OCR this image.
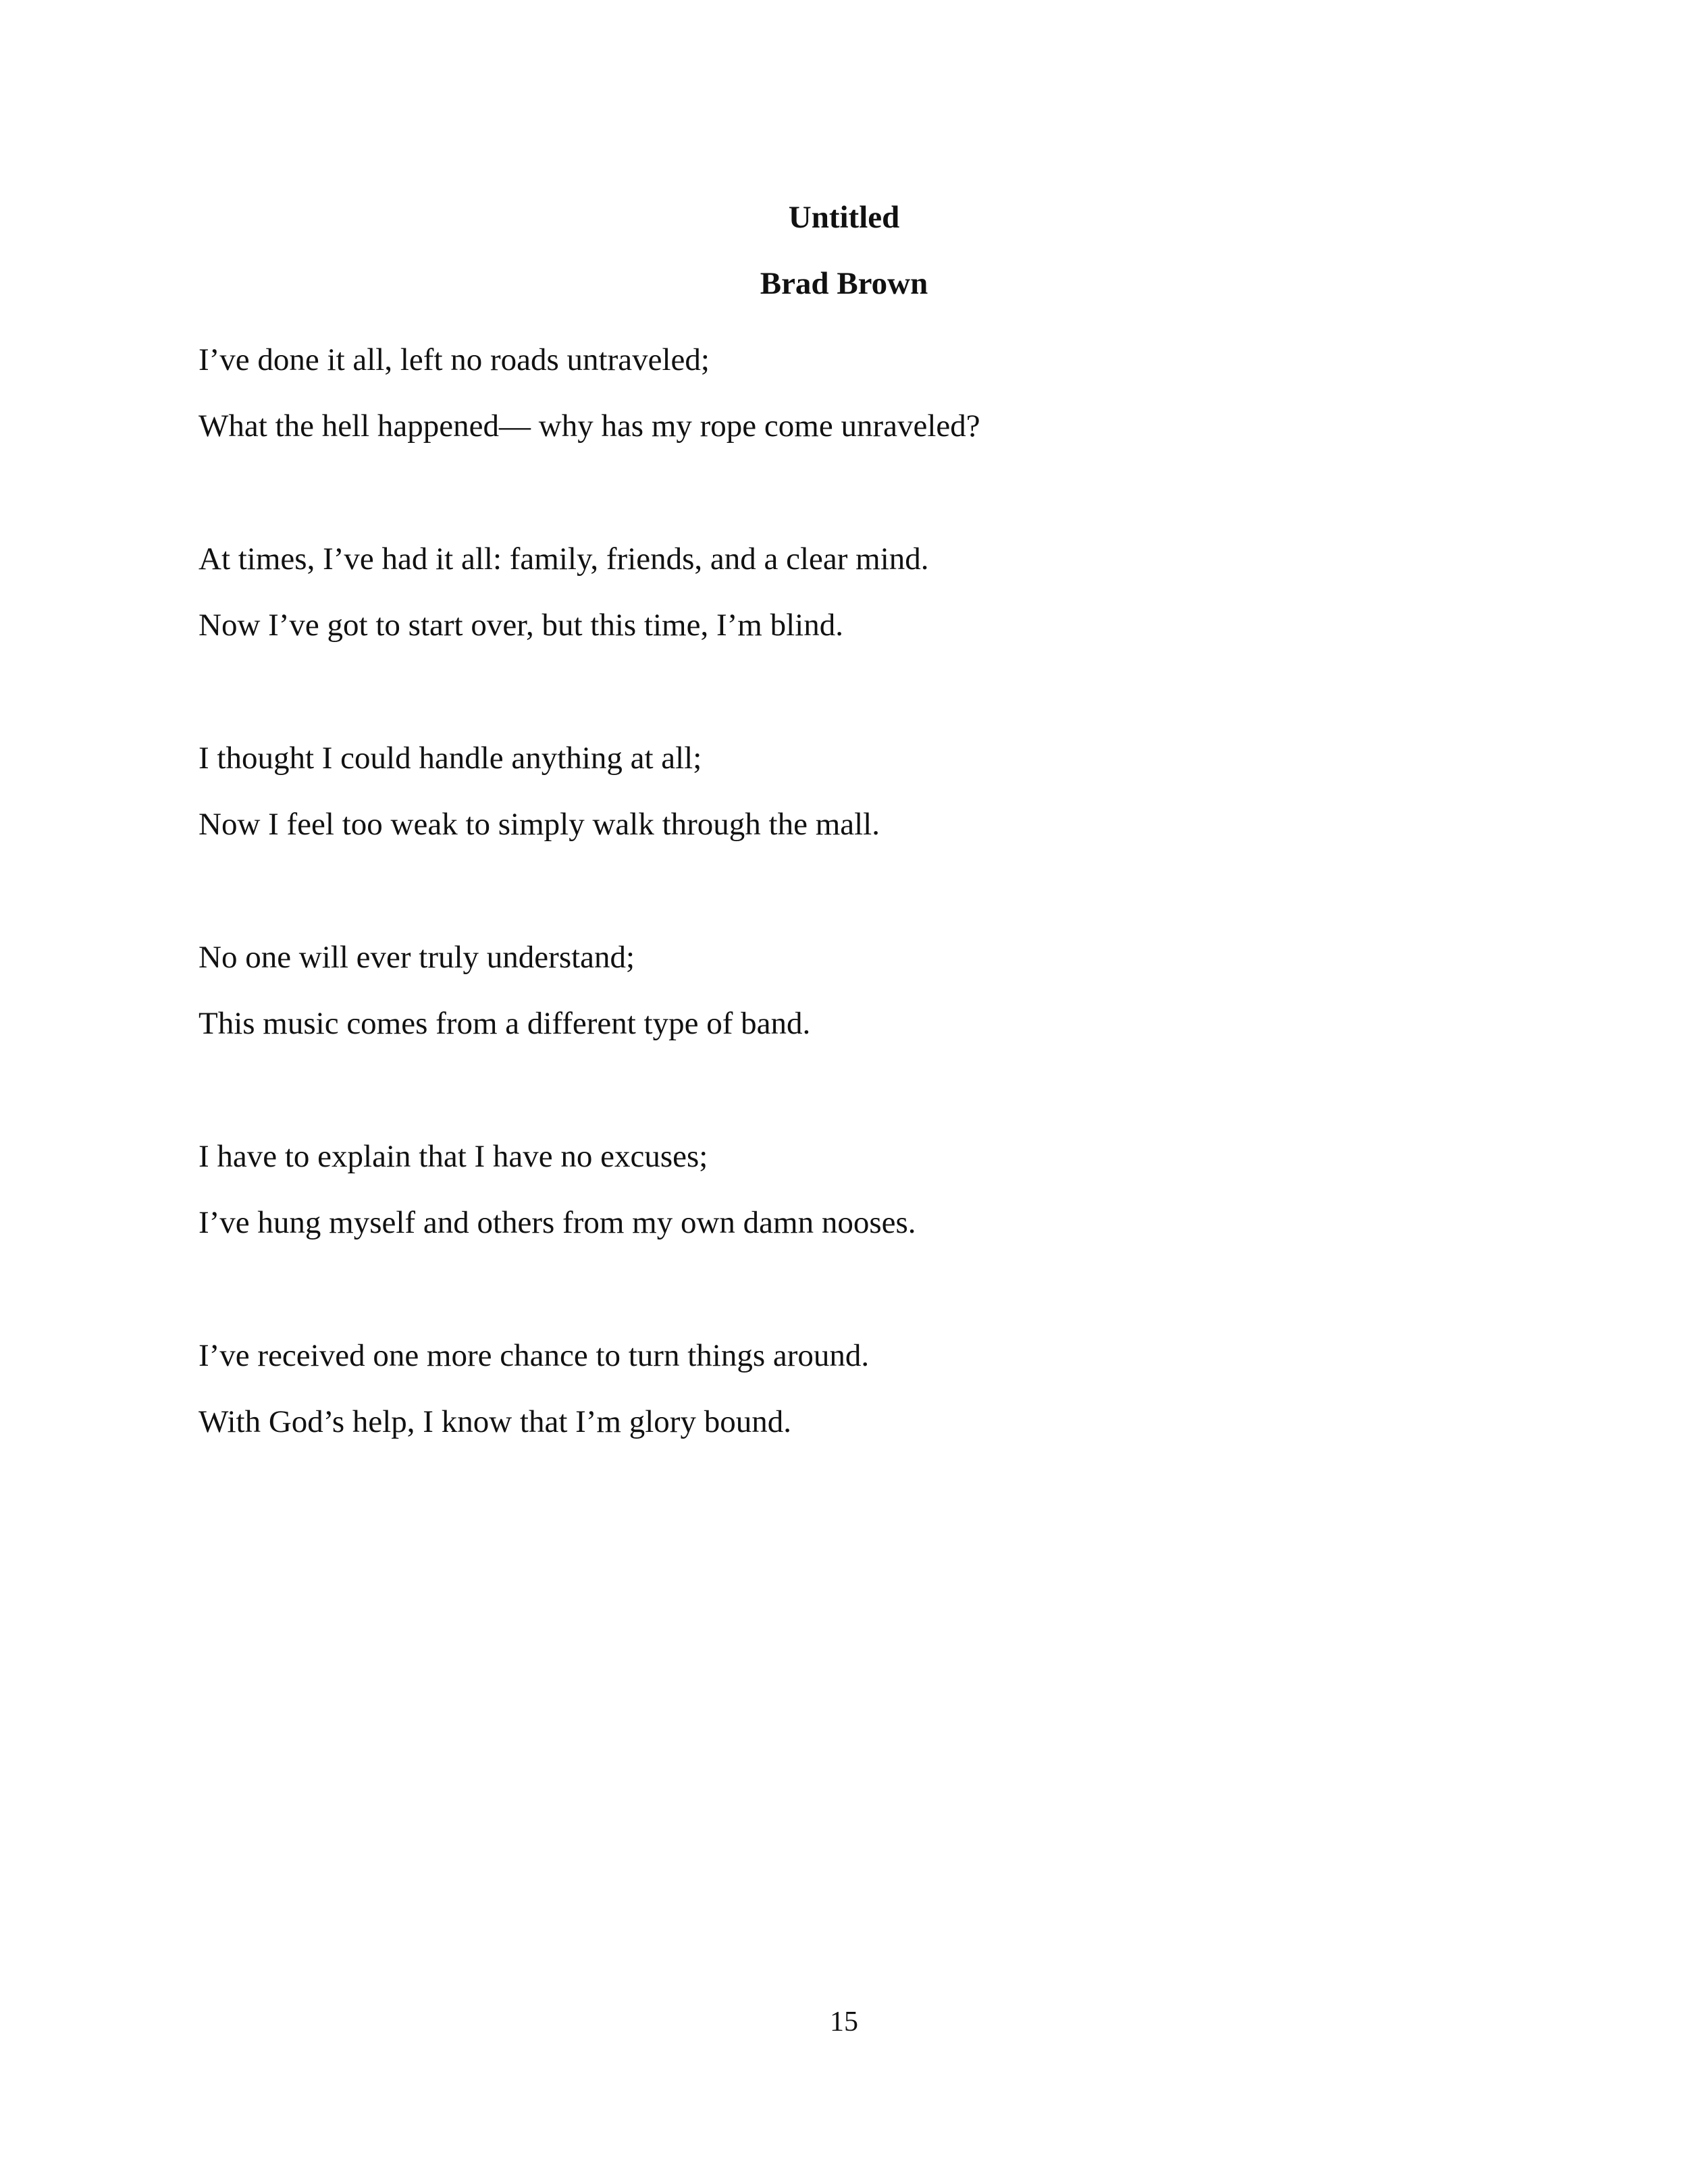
Untitled
Brad Brown

I’ve done it all, left no roads untraveled;

What the hell happened— why has my rope come unraveled?

At times, I’ve had it all: family, friends, and a clear mind.

Now I’ve got to start over, but this time, I’m blind.

I thought I could handle anything at all;

Now I feel too weak to simply walk through the mall.

No one will ever truly understand;

This music comes from a different type of band.

I have to explain that I have no excuses;

I’ve hung myself and others from my own damn nooses.

I’ve received one more chance to turn things around.

With God’s help, I know that I’m glory bound.

15
